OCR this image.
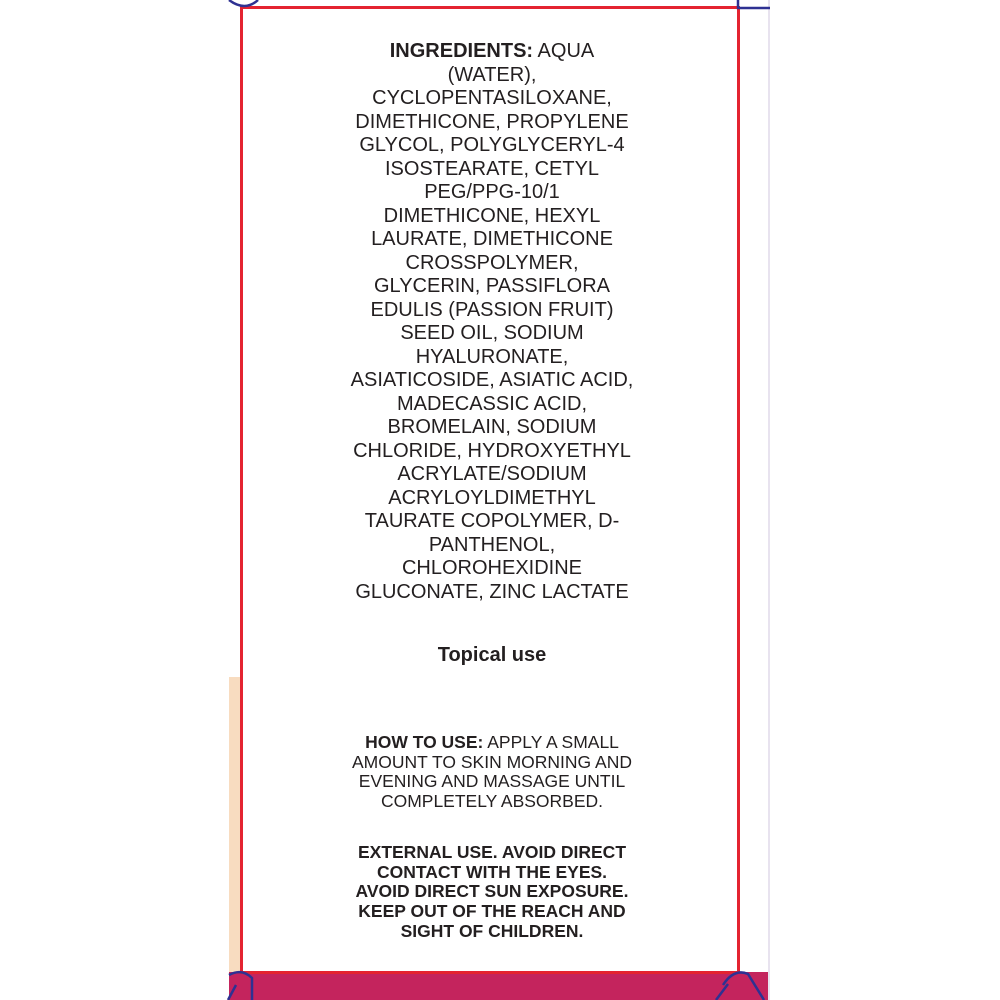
INGREDIENTS: AQUA (WATER), CYCLOPENTASILOXANE, DIMETHICONE, PROPYLENE GLYCOL, POLYGLYCERYL-4 ISOSTEARATE, CETYL PEG/PPG-10/1 DIMETHICONE, HEXYL LAURATE, DIMETHICONE CROSSPOLYMER, GLYCERIN, PASSIFLORA EDULIS (PASSION FRUIT) SEED OIL, SODIUM HYALURONATE, ASIATICOSIDE, ASIATIC ACID, MADECASSIC ACID, BROMELAIN, SODIUM CHLORIDE, HYDROXYETHYL ACRYLATE/SODIUM ACRYLOYLDIMETHYL TAURATE COPOLYMER, D-PANTHENOL, CHLOROHEXIDINE GLUCONATE, ZINC LACTATE
Topical use
HOW TO USE: APPLY A SMALL AMOUNT TO SKIN MORNING AND EVENING AND MASSAGE UNTIL COMPLETELY ABSORBED.
EXTERNAL USE. AVOID DIRECT CONTACT WITH THE EYES. AVOID DIRECT SUN EXPOSURE. KEEP OUT OF THE REACH AND SIGHT OF CHILDREN.
